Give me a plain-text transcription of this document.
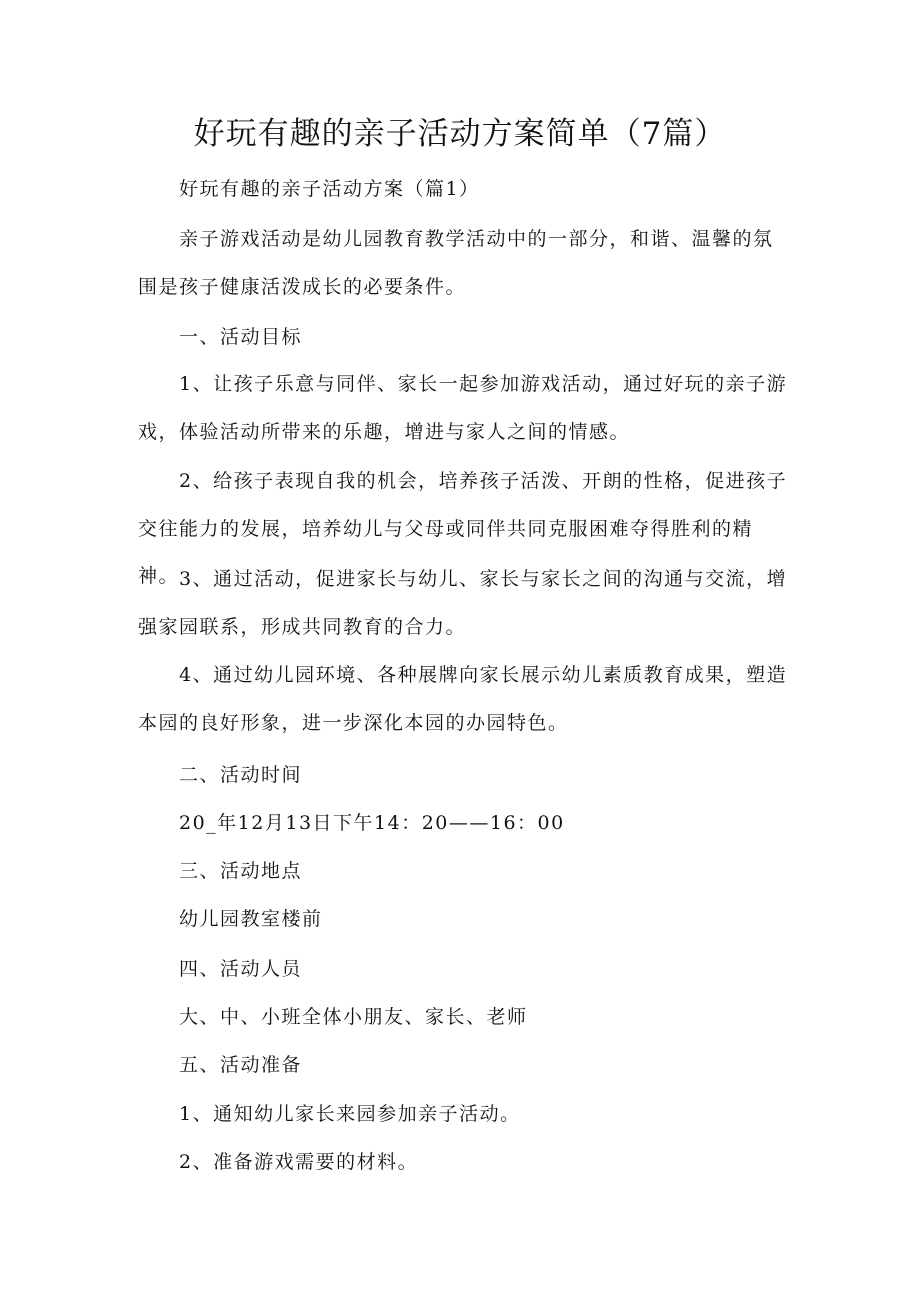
好玩有趣的亲子活动方案简单（7篇）
好玩有趣的亲子活动方案（篇1）
亲子游戏活动是幼儿园教育教学活动中的一部分，和谐、温馨的氛围是孩子健康活泼成长的必要条件。
一、活动目标
1、让孩子乐意与同伴、家长一起参加游戏活动，通过好玩的亲子游戏，体验活动所带来的乐趣，增进与家人之间的情感。
2、给孩子表现自我的机会，培养孩子活泼、开朗的性格，促进孩子交往能力的发展，培养幼儿与父母或同伴共同克服困难夺得胜利的精神。 3、通过活动，促进家长与幼儿、家长与家长之间的沟通与交流，增强家园联系，形成共同教育的合力。
4、通过幼儿园环境、各种展牌向家长展示幼儿素质教育成果，塑造本园的良好形象，进一步深化本园的办园特色。
二、活动时间
20_年12月13日下午14：20——16：00
三、活动地点
幼儿园教室楼前
四、活动人员
大、中、小班全体小朋友、家长、老师
五、活动准备
1、通知幼儿家长来园参加亲子活动。
2、准备游戏需要的材料。
